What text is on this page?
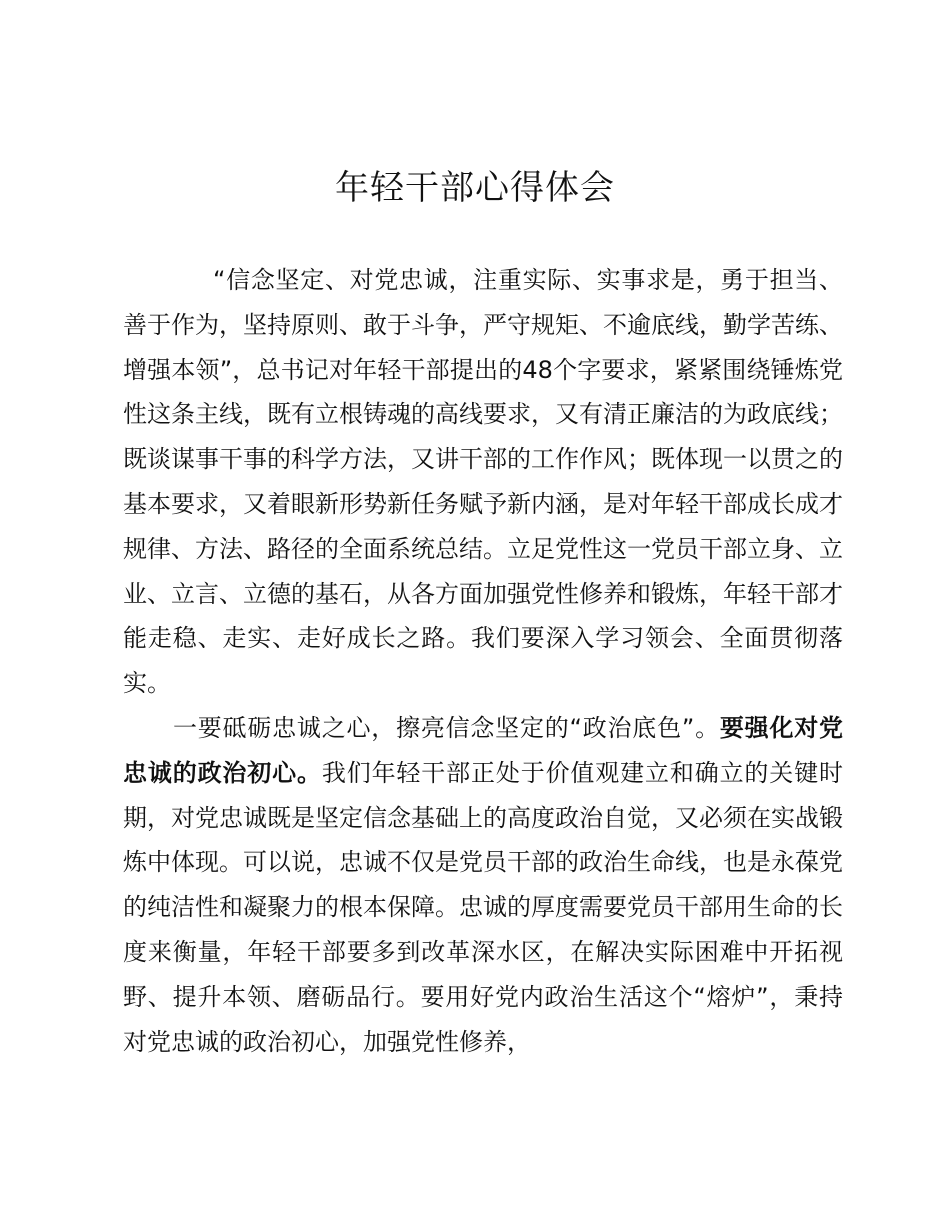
年轻干部心得体会

“信念坚定、对党忠诚，注重实际、实事求是，勇于担当、善于作为，坚持原则、敢于斗争，严守规矩、不逾底线，勤学苦练、增强本领”，总书记对年轻干部提出的48个字要求，紧紧围绕锤炼党性这条主线，既有立根铸魂的高线要求，又有清正廉洁的为政底线；既谈谋事干事的科学方法，又讲干部的工作作风；既体现一以贯之的基本要求，又着眼新形势新任务赋予新内涵，是对年轻干部成长成才规律、方法、路径的全面系统总结。立足党性这一党员干部立身、立业、立言、立德的基石，从各方面加强党性修养和锻炼，年轻干部才能走稳、走实、走好成长之路。我们要深入学习领会、全面贯彻落实。

一要砥砺忠诚之心，擦亮信念坚定的“政治底色”。要强化对党忠诚的政治初心。我们年轻干部正处于价值观建立和确立的关键时期，对党忠诚既是坚定信念基础上的高度政治自觉，又必须在实战锻炼中体现。可以说，忠诚不仅是党员干部的政治生命线，也是永葆党的纯洁性和凝聚力的根本保障。忠诚的厚度需要党员干部用生命的长度来衡量，年轻干部要多到改革深水区，在解决实际困难中开拓视野、提升本领、磨砺品行。要用好党内政治生活这个“熔炉”，秉持对党忠诚的政治初心，加强党性修养，
